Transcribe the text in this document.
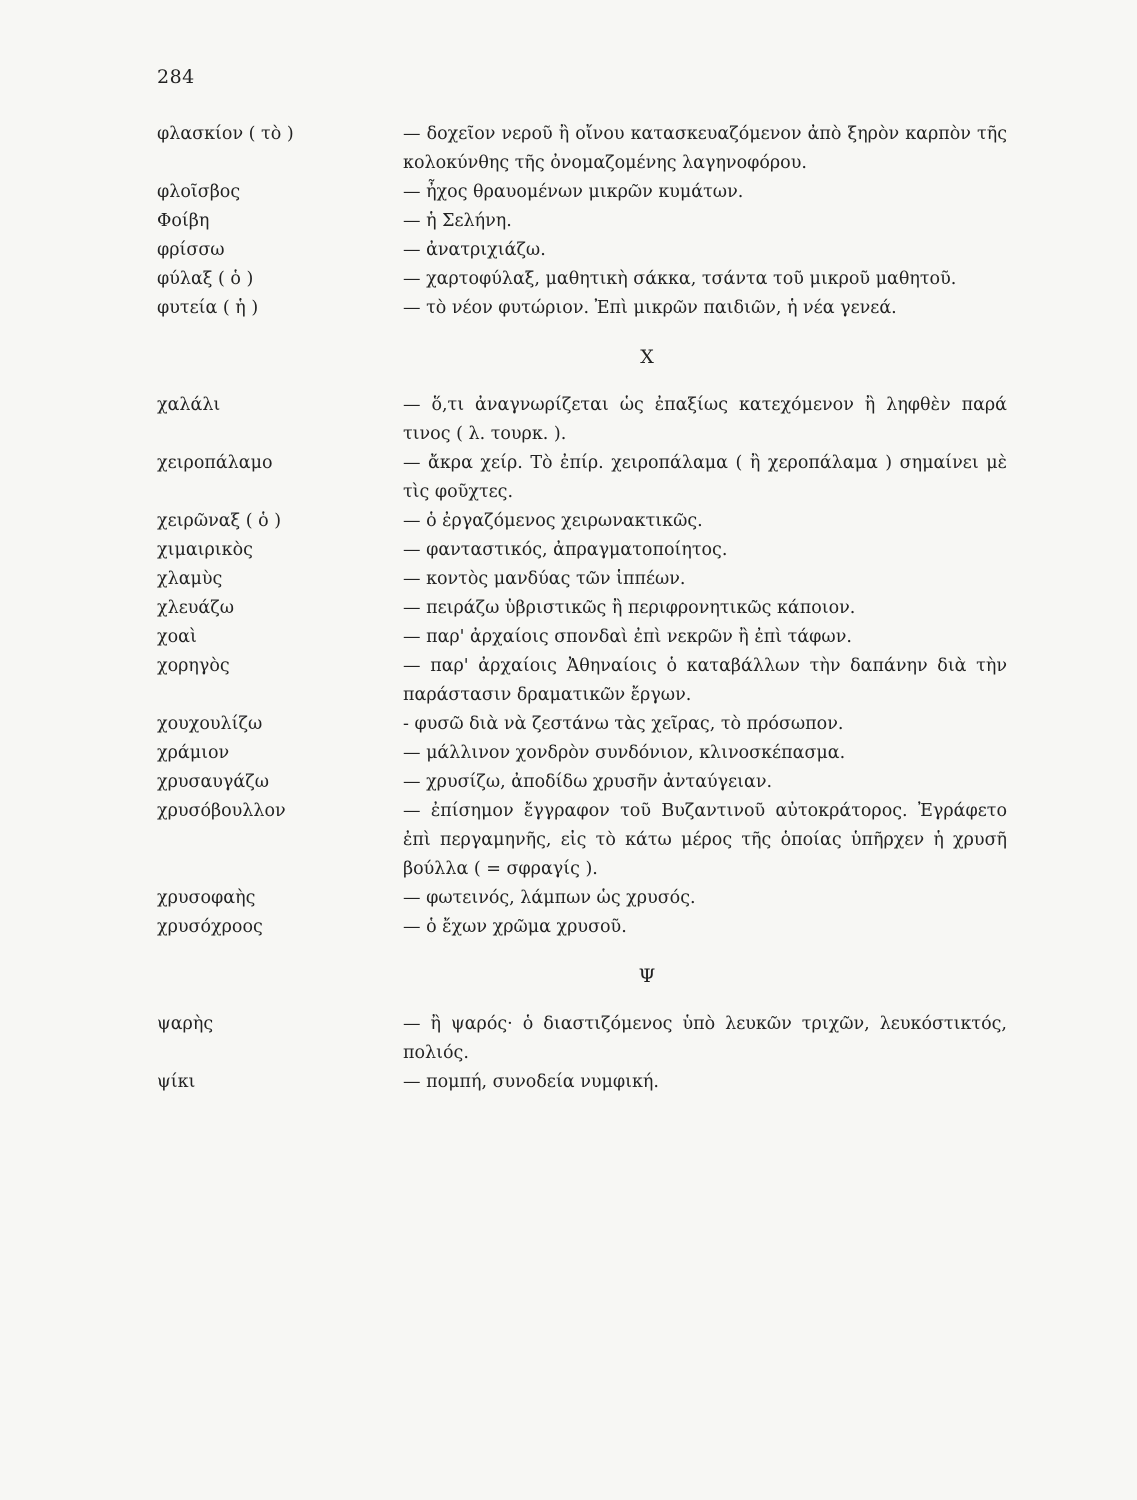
284
φλασκίον ( τὸ )	— δοχεῖον νεροῦ ἢ οἴνου κατασκευαζόμενον ἀπὸ ξηρὸν καρπὸν τῆς κολοκύνθης τῆς ὀνομαζομένης λαγηνοφόρου.
φλοῖσβος	— ἦχος θραυομένων μικρῶν κυμάτων.
Φοίβη	— ἡ Σελήνη.
φρίσσω	— ἀνατριχιάζω.
φύλαξ ( ὁ )	— χαρτοφύλαξ, μαθητικὴ σάκκα, τσάντα τοῦ μικροῦ μαθητοῦ.
φυτεία ( ἡ )	— τὸ νέον φυτώριον. Ἐπὶ μικρῶν παιδιῶν, ἡ νέα γενεά.
Χ
χαλάλι	— ὅ,τι ἀναγνωρίζεται ὡς ἐπαξίως κατεχόμενον ἢ ληφθὲν παρά τινος ( λ. τουρκ. ).
χειροπάλαμο	— ἄκρα χείρ. Τὸ ἐπίρ. χειροπάλαμα ( ἢ χεροπάλαμα ) σημαίνει μὲ τὶς φοῦχτες.
χειρῶναξ ( ὁ )	— ὁ ἐργαζόμενος χειρωνακτικῶς.
χιμαιρικὸς	— φανταστικός, ἀπραγματοποίητος.
χλαμὺς	— κοντὸς μανδύας τῶν ἱππέων.
χλευάζω	— πειράζω ὑβριστικῶς ἢ περιφρονητικῶς κάποιον.
χοαὶ	— παρ' ἀρχαίοις σπονδαὶ ἐπὶ νεκρῶν ἢ ἐπὶ τάφων.
χορηγὸς	— παρ' ἀρχαίοις Ἀθηναίοις ὁ καταβάλλων τὴν δαπάνην διὰ τὴν παράστασιν δραματικῶν ἔργων.
χουχουλίζω	- φυσῶ διὰ νὰ ζεστάνω τὰς χεῖρας, τὸ πρόσωπον.
χράμιον	— μάλλινον χονδρὸν συνδόνιον, κλινοσκέπασμα.
χρυσαυγάζω	— χρυσίζω, ἀποδίδω χρυσῆν ἀνταύγειαν.
χρυσόβουλλον	— ἐπίσημον ἔγγραφον τοῦ Βυζαντινοῦ αὐτοκράτορος. Ἐγράφετο ἐπὶ περγαμηνῆς, εἰς τὸ κάτω μέρος τῆς ὁποίας ὑπῆρχεν ἡ χρυσῆ βούλλα ( = σφραγίς ).
χρυσοφαὴς	— φωτεινός, λάμπων ὡς χρυσός.
χρυσόχροος	— ὁ ἔχων χρῶμα χρυσοῦ.
Ψ
ψαρὴς	— ἢ ψαρός· ὁ διαστιζόμενος ὑπὸ λευκῶν τριχῶν, λευκόστικτός, πολιός.
ψίκι	— πομπή, συνοδεία νυμφική.
